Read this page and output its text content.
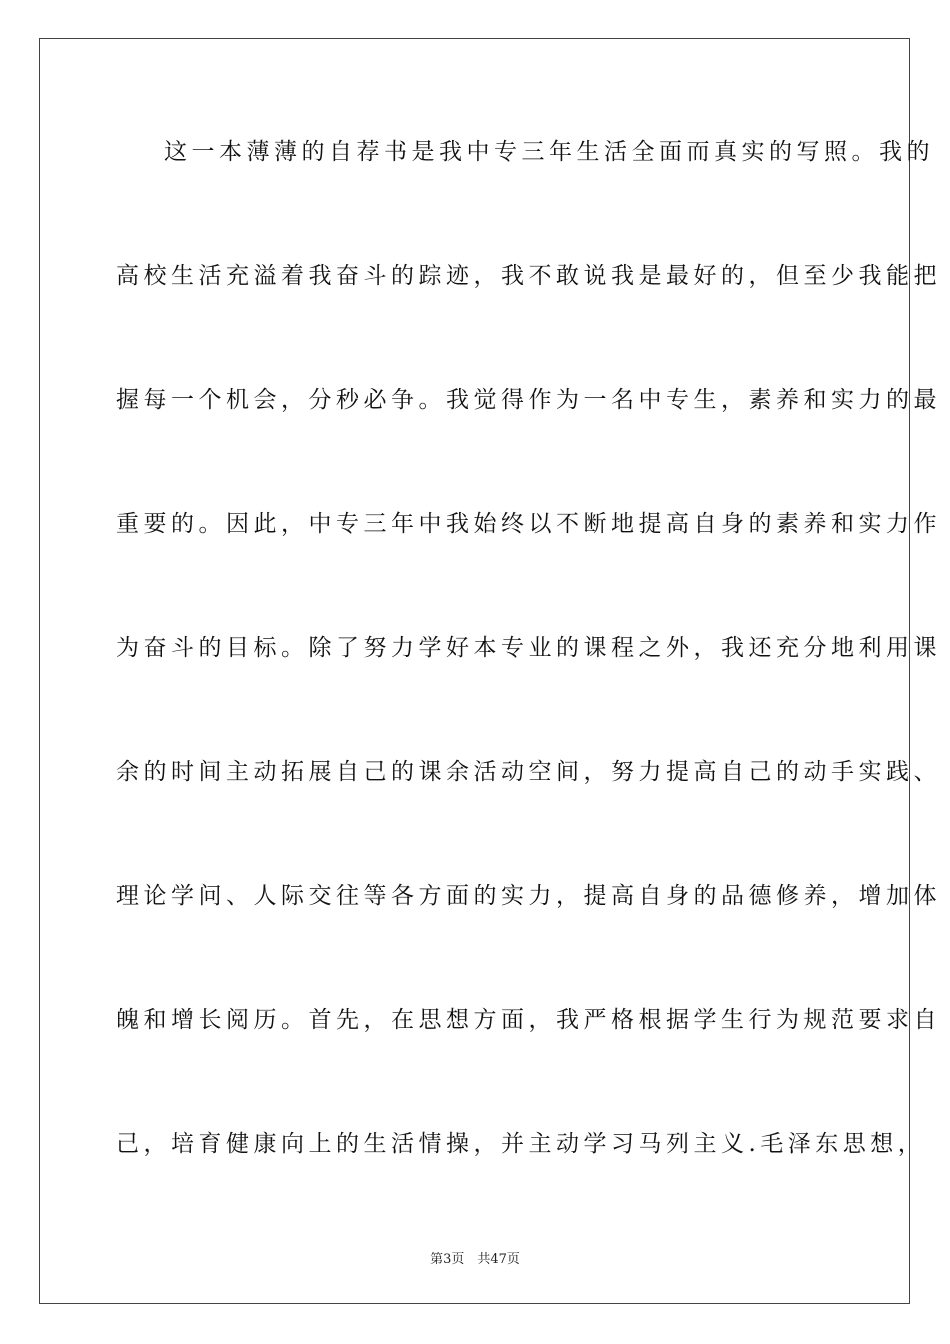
这一本薄薄的自荐书是我中专三年生活全面而真实的写照。我的
高校生活充溢着我奋斗的踪迹，我不敢说我是最好的，但至少我能把
握每一个机会，分秒必争。我觉得作为一名中专生，素养和实力的最
重要的。因此，中专三年中我始终以不断地提高自身的素养和实力作
为奋斗的目标。除了努力学好本专业的课程之外，我还充分地利用课
余的时间主动拓展自己的课余活动空间，努力提高自己的动手实践、
理论学问、人际交往等各方面的实力，提高自身的品德修养，增加体
魄和增长阅历。首先，在思想方面，我严格根据学生行为规范要求自
己，培育健康向上的生活情操，并主动学习马列主义.毛泽东思想，
第3页　共47页
